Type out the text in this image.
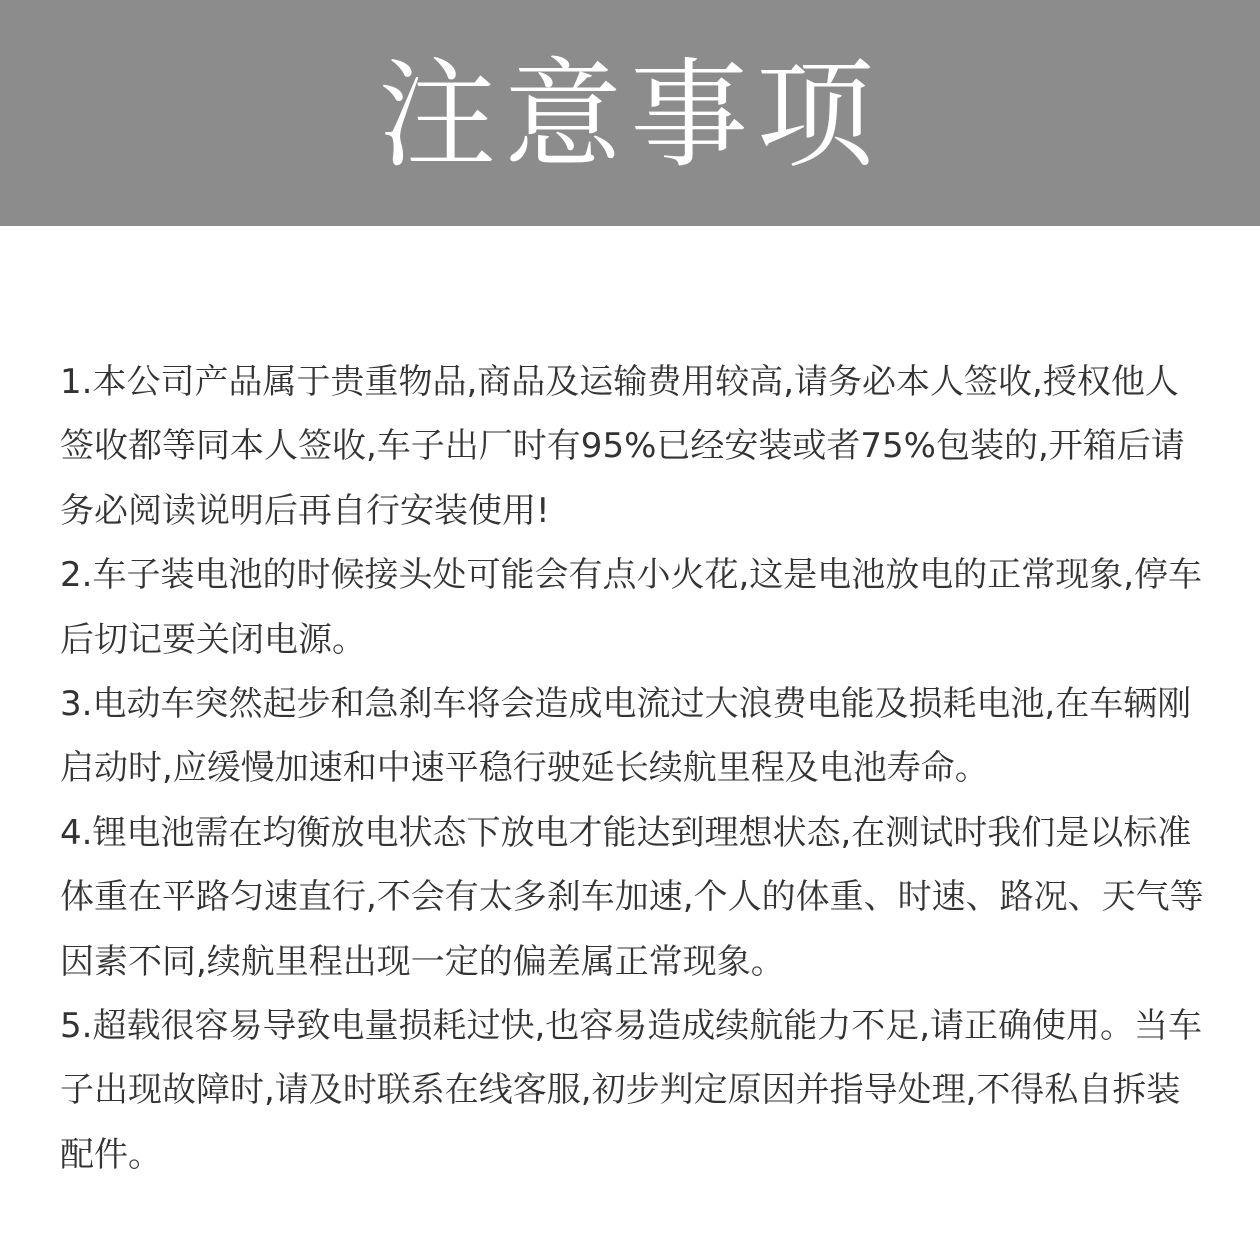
注意事项
1.本公司产品属于贵重物品,商品及运输费用较高,请务必本人签收,授权他人签收都等同本人签收,车子出厂时有95%已经安装或者75%包装的,开箱后请务必阅读说明后再自行安装使用!
2.车子装电池的时候接头处可能会有点小火花,这是电池放电的正常现象,停车后切记要关闭电源。
3.电动车突然起步和急刹车将会造成电流过大浪费电能及损耗电池,在车辆刚启动时,应缓慢加速和中速平稳行驶延长续航里程及电池寿命。
4.锂电池需在均衡放电状态下放电才能达到理想状态,在测试时我们是以标准体重在平路匀速直行,不会有太多刹车加速,个人的体重、时速、路况、天气等因素不同,续航里程出现一定的偏差属正常现象。
5.超载很容易导致电量损耗过快,也容易造成续航能力不足,请正确使用。当车子出现故障时,请及时联系在线客服,初步判定原因并指导处理,不得私自拆装配件。
